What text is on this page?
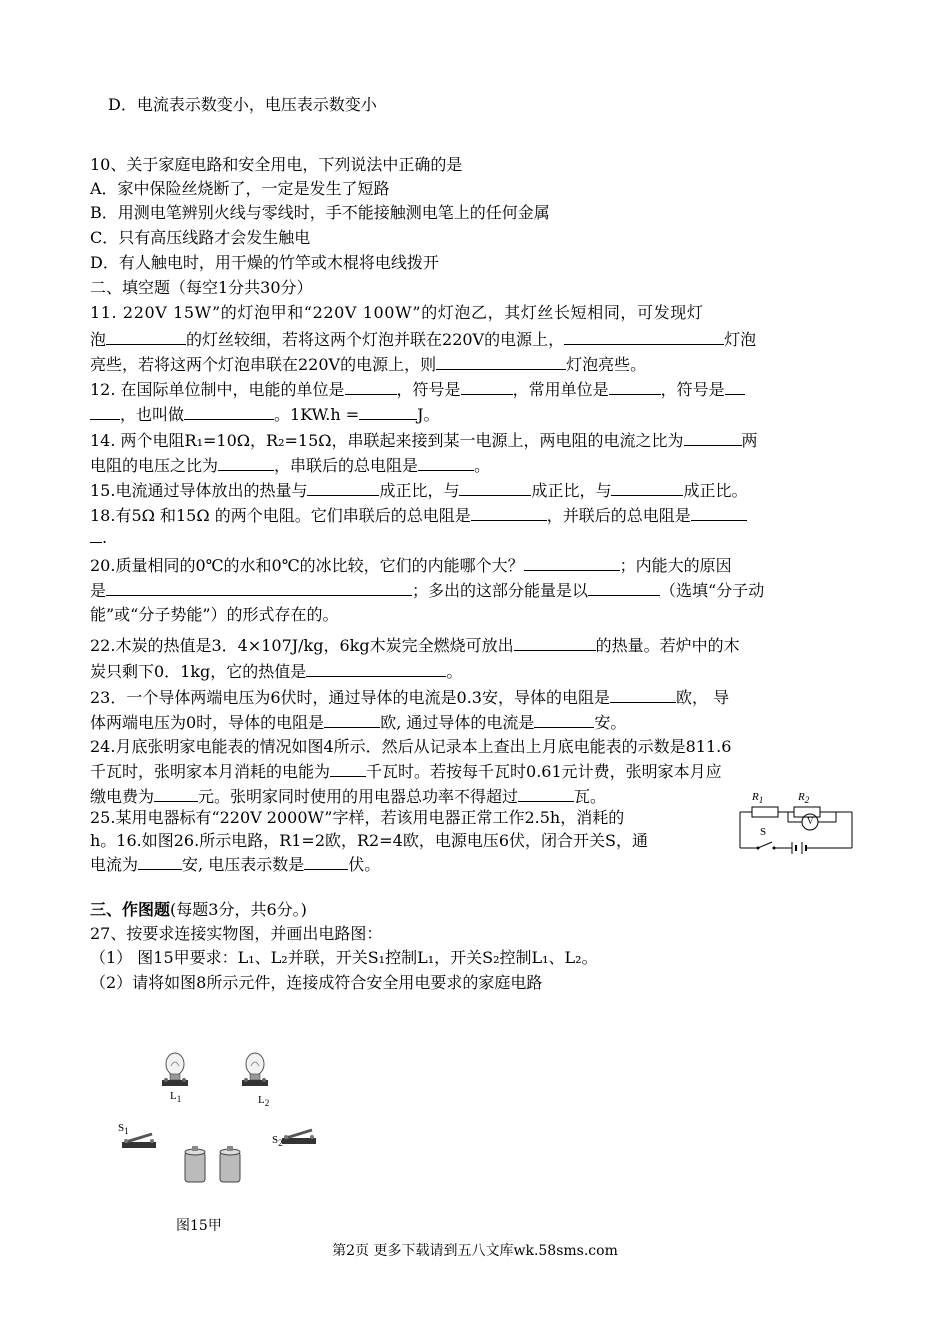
D．电流表示数变小，电压表示数变小
10、关于家庭电路和安全用电，下列说法中正确的是
A．家中保险丝烧断了，一定是发生了短路
B．用测电笔辨别火线与零线时，手不能接触测电笔上的任何金属
C．只有高压线路才会发生触电
D．有人触电时，用干燥的竹竿或木棍将电线拨开
二、填空题（每空1分共30分）
11. 220V 15W”的灯泡甲和“220V 100W”的灯泡乙，其灯丝长短相同，可发现灯
泡	的灯丝较细，若将这两个灯泡并联在220V的电源上，	灯泡
亮些，若将这两个灯泡串联在220V的电源上，则	灯泡亮些。
12. 在国际单位制中，电能的单位是	，符号是	，常用单位是	，符号是
，也叫做	。1KW.h =	J。
14. 两个电阻R₁=10Ω，R₂=15Ω，串联起来接到某一电源上，两电阻的电流之比为	两
电阻的电压之比为	，串联后的总电阻是	。
15.电流通过导体放出的热量与	成正比，与	成正比，与	成正比。
18.有5Ω 和15Ω 的两个电阻。它们串联后的总电阻是	，并联后的总电阻是
.
20.质量相同的0℃的水和0℃的冰比较，它们的内能哪个大？	；内能大的原因
是	；多出的这部分能量是以	（选填“分子动
能”或“分子势能”）的形式存在的。
22.木炭的热值是3．4×107J/kg，6kg木炭完全燃烧可放出	的热量。若炉中的木
炭只剩下0．1kg，它的热值是	。
23．一个导体两端电压为6伏时，通过导体的电流是0.3安，导体的电阻是	欧， 导
体两端电压为0时，导体的电阻是	欧, 通过导体的电流是	安。
24.月底张明家电能表的情况如图4所示．然后从记录本上查出上月底电能表的示数是811.6
千瓦时，张明家本月消耗的电能为 千瓦时。若按每千瓦时0.61元计费，张明家本月应
缴电费为	元。张明家同时使用的用电器总功率不得超过	瓦。
25.某用电器标有“220V 2000W”字样，若该用电器正常工作2.5h，消耗的
h。16.如图26.所示电路，R1=2欧，R2=4欧，电源电压6伏，闭合开关S，通
电流为	安, 电压表示数是	伏。
$R_1$	$R_2$
V
S
三、作图题(每题3分，共6分。)
27、按要求连接实物图，并画出电路图：
（1） 图15甲要求：L₁、L₂并联，开关S₁控制L₁，开关S₂控制L₁、L₂。
（2）请将如图8所示元件，连接成符合安全用电要求的家庭电路
$L_1$	$L_2$
$S_1$
$S_2$
图15甲
第2页 更多下载请到五八文库wk.58sms.com
